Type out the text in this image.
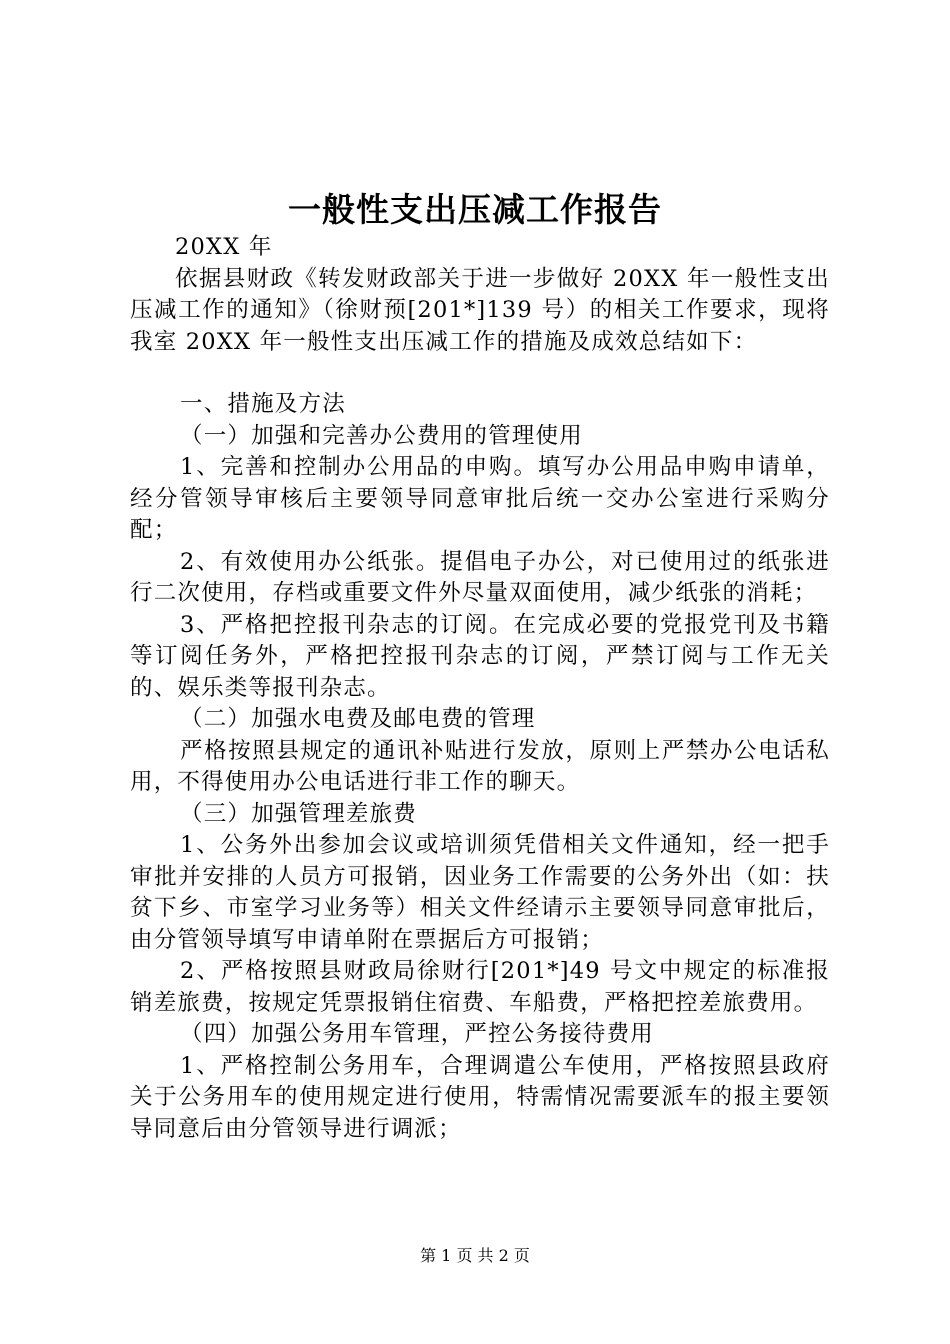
一般性支出压减工作报告

20XX 年

依据县财政《转发财政部关于进一步做好 20XX 年一般性支出压减工作的通知》（徐财预[201*]139 号）的相关工作要求，现将我室 20XX 年一般性支出压减工作的措施及成效总结如下：

一、措施及方法

（一）加强和完善办公费用的管理使用

1、完善和控制办公用品的申购。填写办公用品申购申请单，经分管领导审核后主要领导同意审批后统一交办公室进行采购分配；

2、有效使用办公纸张。提倡电子办公，对已使用过的纸张进行二次使用，存档或重要文件外尽量双面使用，减少纸张的消耗；

3、严格把控报刊杂志的订阅。在完成必要的党报党刊及书籍等订阅任务外，严格把控报刊杂志的订阅，严禁订阅与工作无关的、娱乐类等报刊杂志。

（二）加强水电费及邮电费的管理

严格按照县规定的通讯补贴进行发放，原则上严禁办公电话私用，不得使用办公电话进行非工作的聊天。

（三）加强管理差旅费

1、公务外出参加会议或培训须凭借相关文件通知，经一把手审批并安排的人员方可报销，因业务工作需要的公务外出（如：扶贫下乡、市室学习业务等）相关文件经请示主要领导同意审批后，由分管领导填写申请单附在票据后方可报销；

2、严格按照县财政局徐财行[201*]49 号文中规定的标准报销差旅费，按规定凭票报销住宿费、车船费，严格把控差旅费用。

（四）加强公务用车管理，严控公务接待费用

1、严格控制公务用车，合理调遣公车使用，严格按照县政府关于公务用车的使用规定进行使用，特需情况需要派车的报主要领导同意后由分管领导进行调派；

第 1 页 共 2 页
